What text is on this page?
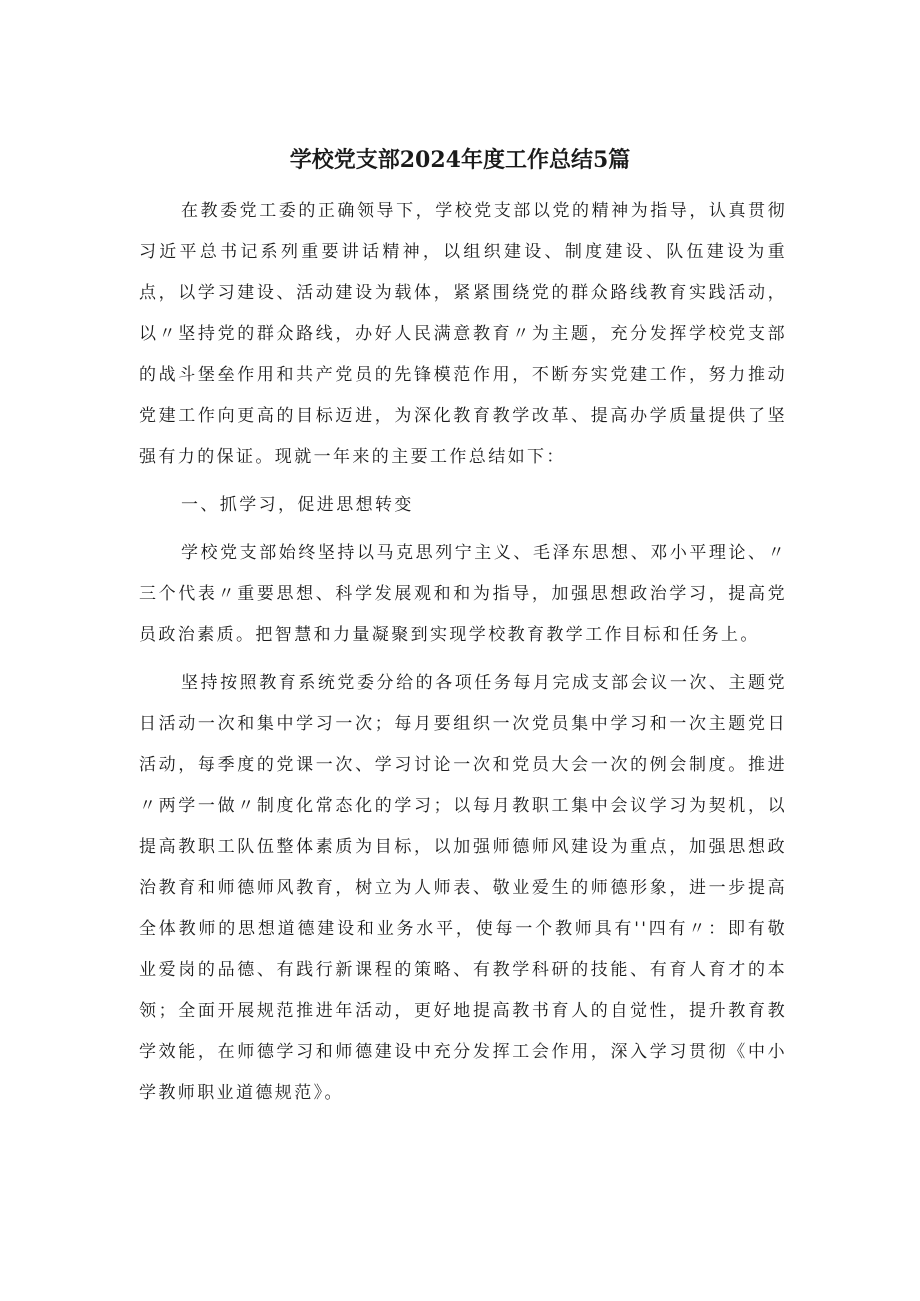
学校党支部2024年度工作总结5篇

在教委党工委的正确领导下，学校党支部以党的精神为指导，认真贯彻习近平总书记系列重要讲话精神，以组织建设、制度建设、队伍建设为重点，以学习建设、活动建设为载体，紧紧围绕党的群众路线教育实践活动，以〃坚持党的群众路线，办好人民满意教育〃为主题，充分发挥学校党支部的战斗堡垒作用和共产党员的先锋模范作用，不断夯实党建工作，努力推动党建工作向更高的目标迈进，为深化教育教学改革、提高办学质量提供了坚强有力的保证。现就一年来的主要工作总结如下：

一、抓学习，促进思想转变

学校党支部始终坚持以马克思列宁主义、毛泽东思想、邓小平理论、〃三个代表〃重要思想、科学发展观和和为指导，加强思想政治学习，提高党员政治素质。把智慧和力量凝聚到实现学校教育教学工作目标和任务上。

坚持按照教育系统党委分给的各项任务每月完成支部会议一次、主题党日活动一次和集中学习一次；每月要组织一次党员集中学习和一次主题党日活动，每季度的党课一次、学习讨论一次和党员大会一次的例会制度。推进〃两学一做〃制度化常态化的学习；以每月教职工集中会议学习为契机，以提高教职工队伍整体素质为目标，以加强师德师风建设为重点，加强思想政治教育和师德师风教育，树立为人师表、敬业爱生的师德形象，进一步提高全体教师的思想道德建设和业务水平，使每一个教师具有''四有〃：即有敬业爱岗的品德、有践行新课程的策略、有教学科研的技能、有育人育才的本领；全面开展规范推进年活动，更好地提高教书育人的自觉性，提升教育教学效能，在师德学习和师德建设中充分发挥工会作用，深入学习贯彻《中小学教师职业道德规范》。
